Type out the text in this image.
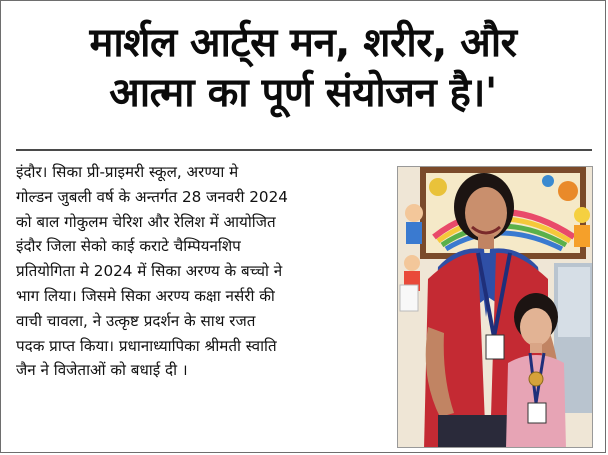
मार्शल आर्ट्स मन, शरीर, और
आत्मा का पूर्ण संयोजन है।'
इंदौर। सिका प्री-प्राइमरी स्कूल, अरण्या मे
गोल्डन जुबली वर्ष के अन्तर्गत 28 जनवरी 2024
को बाल गोकुलम चेरिश और रेलिश में आयोजित
इंदौर जिला सेको काई कराटे चैम्पियनशिप
प्रतियोगिता मे 2024 में सिका अरण्य के बच्चो ने
भाग लिया। जिसमे सिका अरण्य कक्षा नर्सरी की
वाची चावला, ने उत्कृष्ट प्रदर्शन के साथ रजत
पदक प्राप्त किया। प्रधानाध्यापिका श्रीमती स्वाति
जैन ने विजेताओं को बधाई दी ।
